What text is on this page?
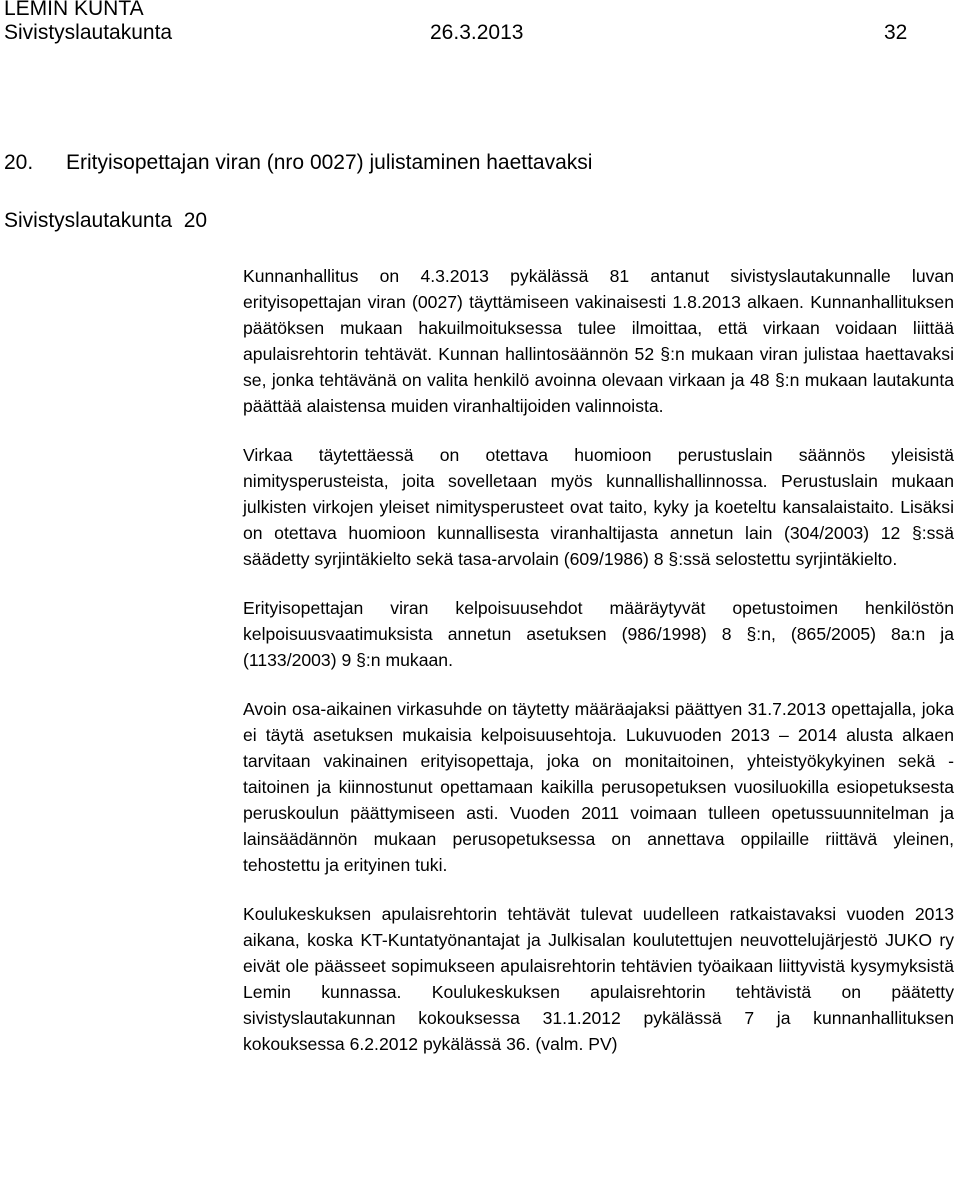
LEMIN KUNTA
Sivistyslautakunta	26.3.2013	32
20. Erityisopettajan viran (nro 0027) julistaminen haettavaksi
Sivistyslautakunta  20

Kunnanhallitus on 4.3.2013 pykälässä 81 antanut sivistyslautakunnalle luvan erityisopettajan viran (0027) täyttämiseen vakinaisesti 1.8.2013 alkaen. Kunnanhallituksen päätöksen mukaan hakuilmoituksessa tulee ilmoittaa, että virkaan voidaan liittää apulaisrehtorin tehtävät. Kunnan hallintosäännön 52 §:n mukaan viran julistaa haettavaksi se, jonka tehtävänä on valita henkilö avoinna olevaan virkaan ja 48 §:n mukaan lautakunta päättää alaistensa muiden viranhaltijoiden valinnoista.

Virkaa täytettäessä on otettava huomioon perustuslain säännös yleisistä nimitysperusteista, joita sovelletaan myös kunnallishallinnossa. Perustuslain mukaan julkisten virkojen yleiset nimitysperusteet ovat taito, kyky ja koeteltu kansalaistaito. Lisäksi on otettava huomioon kunnallisesta viranhaltijasta annetun lain (304/2003) 12 §:ssä säädetty syrjintäkielto sekä tasa-arvolain (609/1986) 8 §:ssä selostettu syrjintäkielto.

Erityisopettajan viran kelpoisuusehdot määräytyvät opetustoimen henkilöstön kelpoisuusvaatimuksista annetun asetuksen (986/1998) 8 §:n, (865/2005) 8a:n ja (1133/2003) 9 §:n mukaan.

Avoin osa-aikainen virkasuhde on täytetty määräajaksi päättyen 31.7.2013 opettajalla, joka ei täytä asetuksen mukaisia kelpoisuusehtoja. Lukuvuoden 2013 – 2014 alusta alkaen tarvitaan vakinainen erityisopettaja, joka on monitaitoinen, yhteistyökykyinen sekä -taitoinen ja kiinnostunut opettamaan kaikilla perusopetuksen vuosiluokilla esiopetuksesta peruskoulun päättymiseen asti. Vuoden 2011 voimaan tulleen opetussuunnitelman ja lainsäädännön mukaan perusopetuksessa on annettava oppilaille riittävä yleinen, tehostettu ja erityinen tuki.

Koulukeskuksen apulaisrehtorin tehtävät tulevat uudelleen ratkaistavaksi vuoden 2013 aikana, koska KT-Kuntatyönantajat ja Julkisalan koulutettujen neuvottelujärjestö JUKO ry eivät ole päässeet sopimukseen apulaisrehtorin tehtävien työaikaan liittyvistä kysymyksistä Lemin kunnassa. Koulukeskuksen apulaisrehtorin tehtävistä on päätetty sivistyslautakunnan kokouksessa 31.1.2012 pykälässä 7 ja kunnanhallituksen kokouksessa 6.2.2012 pykälässä 36. (valm. PV)
